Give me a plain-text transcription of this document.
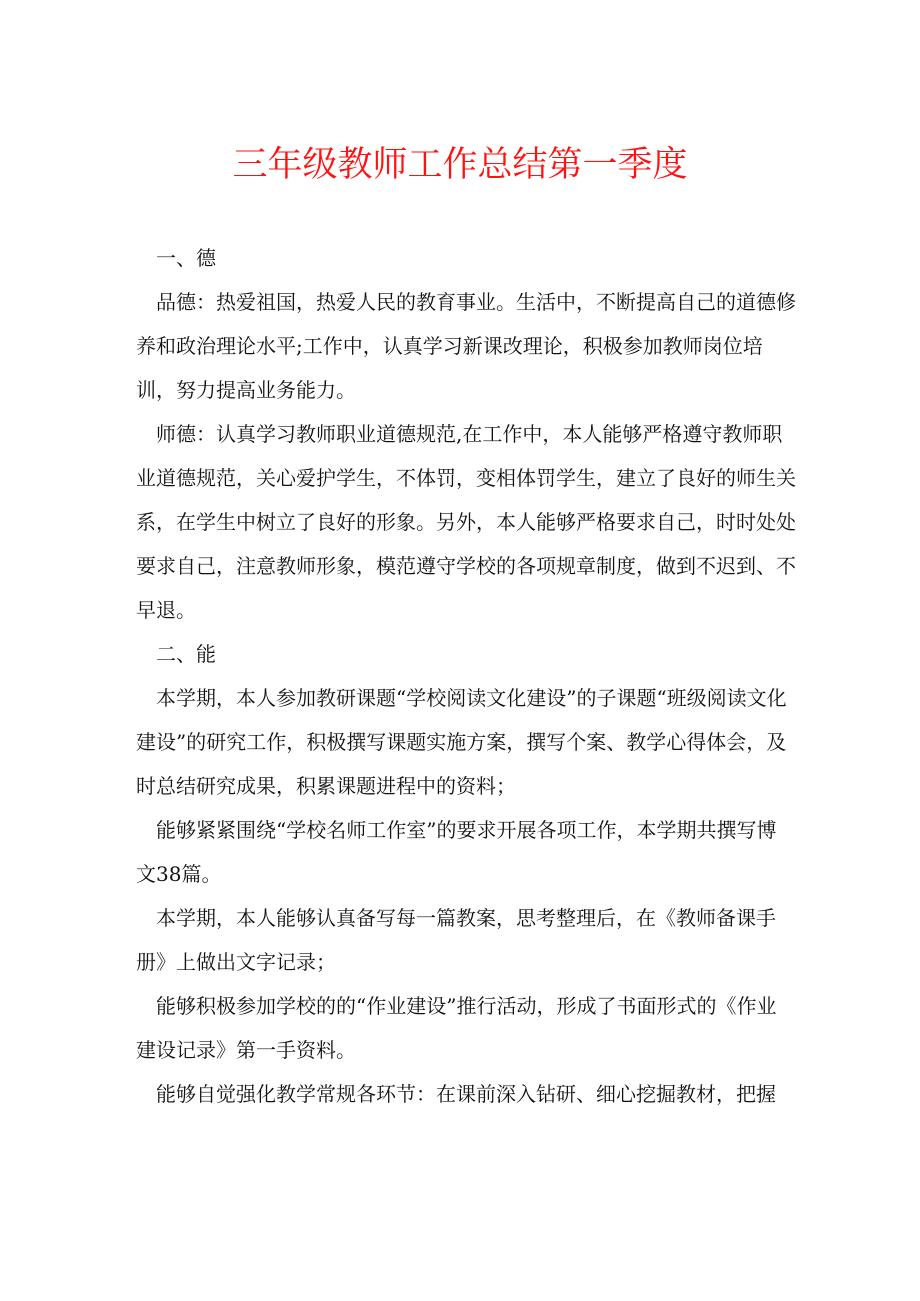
三年级教师工作总结第一季度

一、德

品德：热爱祖国，热爱人民的教育事业。生活中，不断提高自己的道德修养和政治理论水平;工作中，认真学习新课改理论，积极参加教师岗位培训，努力提高业务能力。

师德：认真学习教师职业道德规范,在工作中，本人能够严格遵守教师职业道德规范，关心爱护学生，不体罚，变相体罚学生，建立了良好的师生关系，在学生中树立了良好的形象。另外，本人能够严格要求自己，时时处处要求自己，注意教师形象，模范遵守学校的各项规章制度，做到不迟到、不早退。

二、能

本学期，本人参加教研课题“学校阅读文化建设”的子课题“班级阅读文化建设”的研究工作，积极撰写课题实施方案，撰写个案、教学心得体会，及时总结研究成果，积累课题进程中的资料；

能够紧紧围绕“学校名师工作室”的要求开展各项工作，本学期共撰写博文38篇。

本学期，本人能够认真备写每一篇教案，思考整理后，在《教师备课手册》上做出文字记录；

能够积极参加学校的的“作业建设”推行活动，形成了书面形式的《作业建设记录》第一手资料。

能够自觉强化教学常规各环节：在课前深入钻研、细心挖掘教材，把握
